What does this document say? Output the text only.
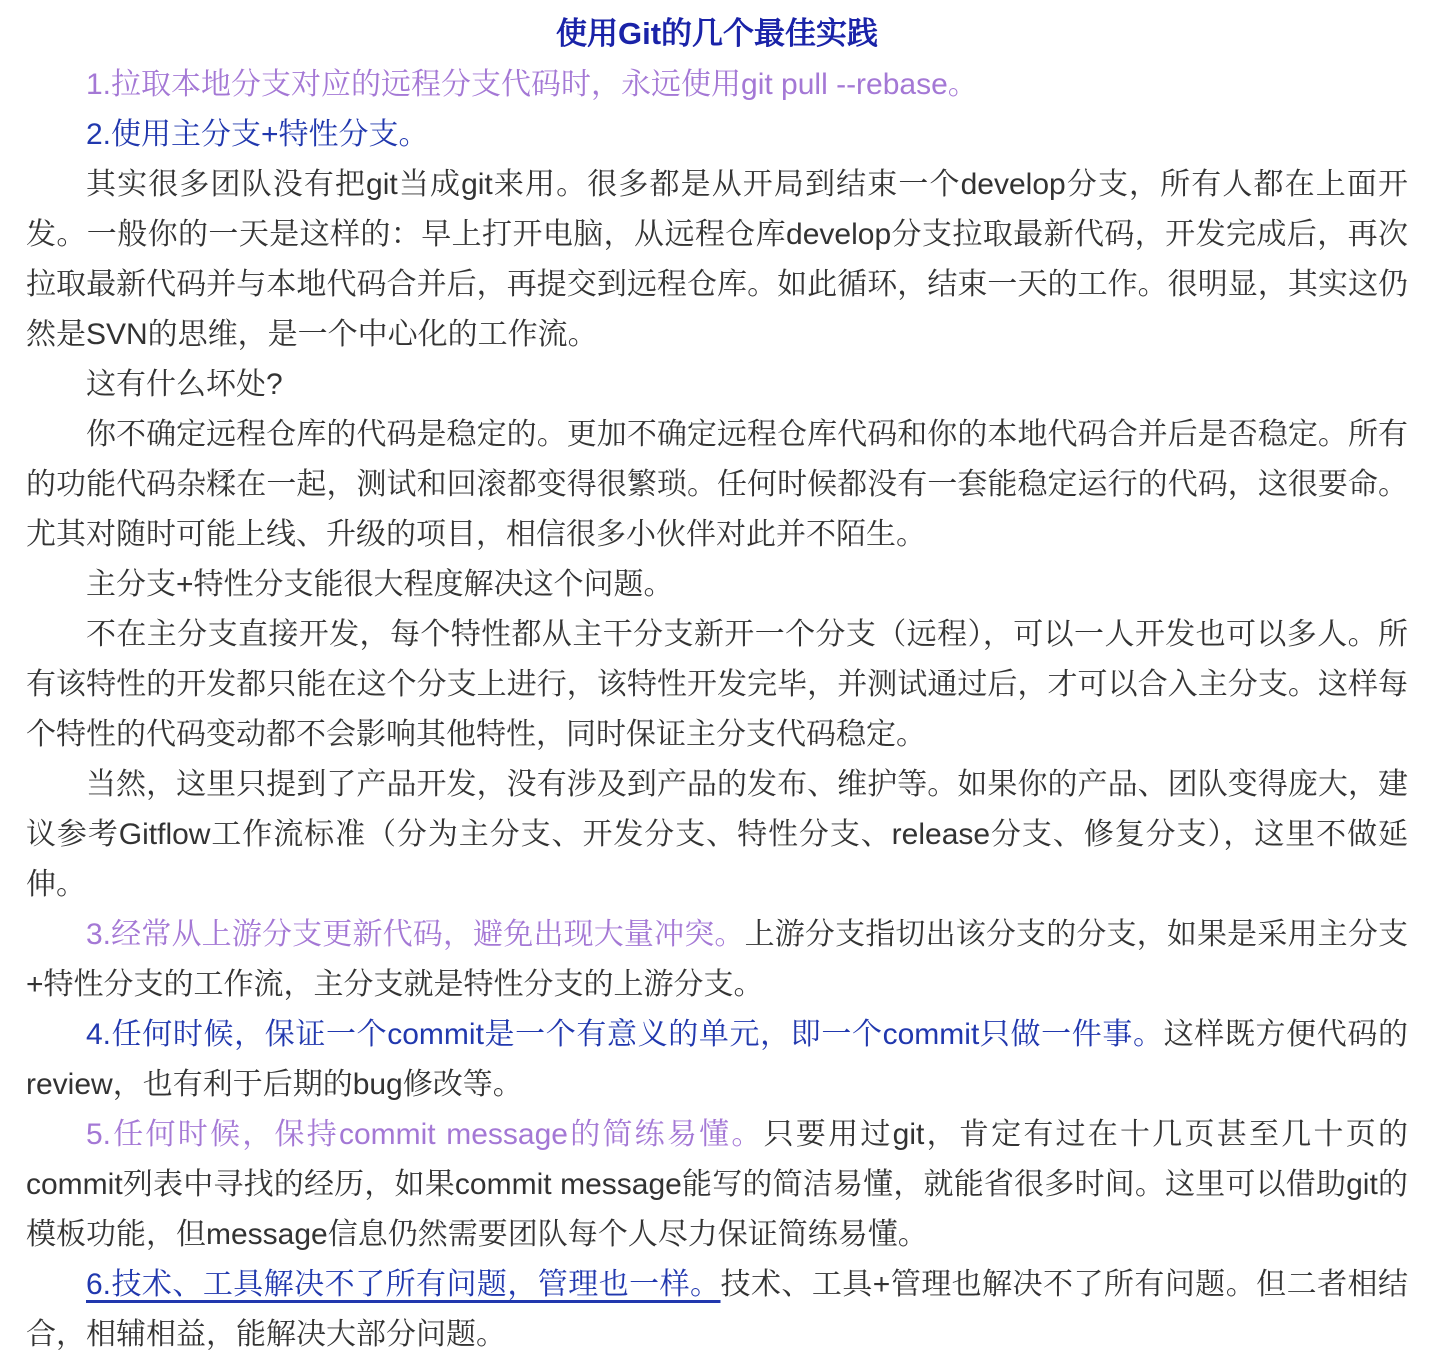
使用Git的几个最佳实践

1.拉取本地分支对应的远程分支代码时，永远使用git pull --rebase。

2.使用主分支+特性分支。

其实很多团队没有把git当成git来用。很多都是从开局到结束一个develop分支，所有人都在上面开发。一般你的一天是这样的：早上打开电脑，从远程仓库develop分支拉取最新代码，开发完成后，再次拉取最新代码并与本地代码合并后，再提交到远程仓库。如此循环，结束一天的工作。很明显，其实这仍然是SVN的思维，是一个中心化的工作流。

这有什么坏处?

你不确定远程仓库的代码是稳定的。更加不确定远程仓库代码和你的本地代码合并后是否稳定。所有的功能代码杂糅在一起，测试和回滚都变得很繁琐。任何时候都没有一套能稳定运行的代码，这很要命。尤其对随时可能上线、升级的项目，相信很多小伙伴对此并不陌生。

主分支+特性分支能很大程度解决这个问题。

不在主分支直接开发，每个特性都从主干分支新开一个分支（远程），可以一人开发也可以多人。所有该特性的开发都只能在这个分支上进行，该特性开发完毕，并测试通过后，才可以合入主分支。这样每个特性的代码变动都不会影响其他特性，同时保证主分支代码稳定。

当然，这里只提到了产品开发，没有涉及到产品的发布、维护等。如果你的产品、团队变得庞大，建议参考Gitflow工作流标准（分为主分支、开发分支、特性分支、release分支、修复分支），这里不做延伸。

3.经常从上游分支更新代码，避免出现大量冲突。上游分支指切出该分支的分支，如果是采用主分支+特性分支的工作流，主分支就是特性分支的上游分支。

4.任何时候，保证一个commit是一个有意义的单元，即一个commit只做一件事。这样既方便代码的review，也有利于后期的bug修改等。

5.任何时候，保持commit message的简练易懂。只要用过git，肯定有过在十几页甚至几十页的commit列表中寻找的经历，如果commit message能写的简洁易懂，就能省很多时间。这里可以借助git的模板功能，但message信息仍然需要团队每个人尽力保证简练易懂。

6.技术、工具解决不了所有问题，管理也一样。技术、工具+管理也解决不了所有问题。但二者相结合，相辅相益，能解决大部分问题。
